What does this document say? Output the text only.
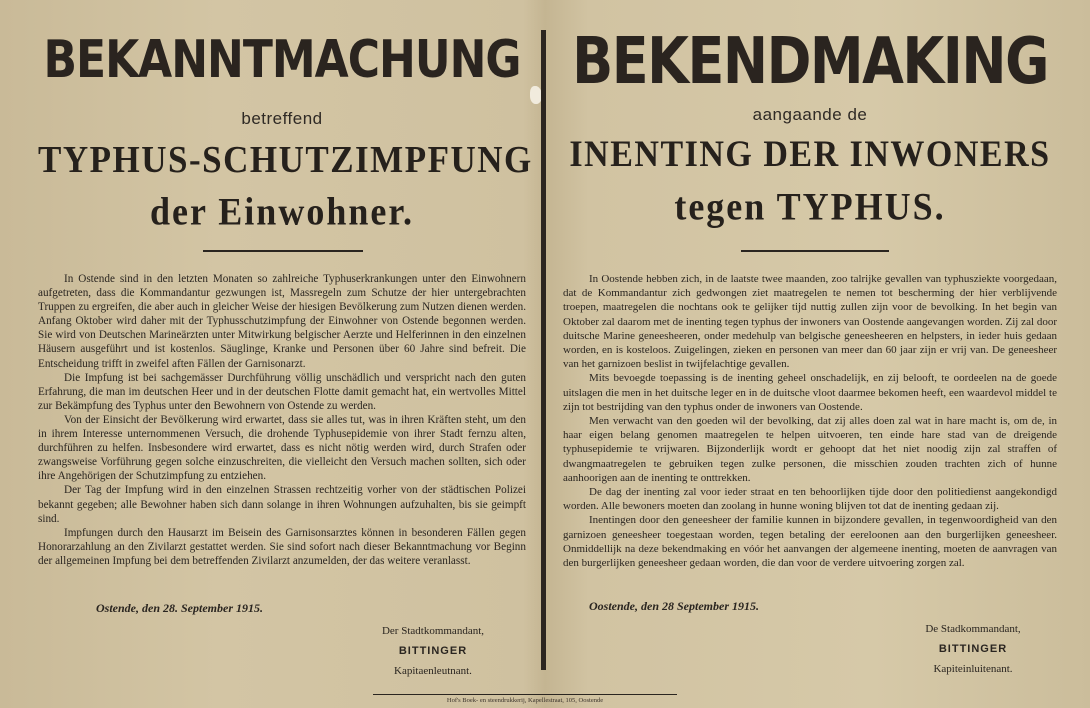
BEKANNTMACHUNG
betreffend
TYPHUS-SCHUTZIMPFUNG
der Einwohner.

In Ostende sind in den letzten Monaten so zahlreiche Typhuserkrankungen unter den Einwohnern aufgetreten, dass die Kommandantur gezwungen ist, Massregeln zum Schutze der hier untergebrachten Truppen zu ergreifen, die aber auch in gleicher Weise der hiesigen Bevölkerung zum Nutzen dienen werden. Anfang Oktober wird daher mit der Typhusschutzimpfung der Einwohner von Ostende begonnen werden. Sie wird von Deutschen Marineärzten unter Mitwirkung belgischer Aerzte und Helferinnen in den einzelnen Häusern ausgeführt und ist kostenlos. Säuglinge, Kranke und Personen über 60 Jahre sind befreit. Die Entscheidung trifft in zweifel aften Fällen der Garnisonarzt.

Die Impfung ist bei sachgemässer Durchführung völlig unschädlich und verspricht nach den guten Erfahrung, die man im deutschen Heer und in der deutschen Flotte damit gemacht hat, ein wertvolles Mittel zur Bekämpfung des Typhus unter den Bewohnern von Ostende zu werden.

Von der Einsicht der Bevölkerung wird erwartet, dass sie alles tut, was in ihren Kräften steht, um den in ihrem Interesse unternommenen Versuch, die drohende Typhusepidemie von ihrer Stadt fernzu alten, durchführen zu helfen. Insbesondere wird erwartet, dass es nicht nötig werden wird, durch Strafen oder zwangsweise Vorführung gegen solche einzuschreiten, die vielleicht den Versuch machen sollten, sich oder ihre Angehörigen der Schutzimpfung zu entziehen.

Der Tag der Impfung wird in den einzelnen Strassen rechtzeitig vorher von der städtischen Polizei bekannt gegeben; alle Bewohner haben sich dann solange in ihren Wohnungen aufzuhalten, bis sie geimpft sind.

Impfungen durch den Hausarzt im Beisein des Garnisonsarztes können in besonderen Fällen gegen Honorarzahlung an den Zivilarzt gestattet werden. Sie sind sofort nach dieser Bekanntmachung vor Beginn der allgemeinen Impfung bei dem betreffenden Zivilarzt anzumelden, der das weitere veranlasst.

Ostende, den 28. September 1915.
Der Stadtkommandant,
BITTINGER
Kapitaenleutnant.
BEKENDMAKING
aangaande de
INENTING DER INWONERS
tegen TYPHUS.

In Oostende hebben zich, in de laatste twee maanden, zoo talrijke gevallen van typhusziekte voorgedaan, dat de Kommandantur zich gedwongen ziet maatregelen te nemen tot bescherming der hier verblijvende troepen, maatregelen die nochtans ook te gelijker tijd nuttig zullen zijn voor de bevolking. In het begin van Oktober zal daarom met de inenting tegen typhus der inwoners van Oostende aangevangen worden. Zij zal door duitsche Marine geneesheeren, onder medehulp van belgische geneesheeren en helpsters, in ieder huis gedaan worden, en is kosteloos. Zuigelingen, zieken en personen van meer dan 60 jaar zijn er vrij van. De geneesheer van het garnizoen beslist in twijfelachtige gevallen.

Mits bevoegde toepassing is de inenting geheel onschadelijk, en zij belooft, te oordeelen na de goede uitslagen die men in het duitsche leger en in de duitsche vloot daarmee bekomen heeft, een waardevol middel te zijn tot bestrijding van den typhus onder de inwoners van Oostende.

Men verwacht van den goeden wil der bevolking, dat zij alles doen zal wat in hare macht is, om de, in haar eigen belang genomen maatregelen te helpen uitvoeren, ten einde hare stad van de dreigende typhusepidemie te vrijwaren. Bijzonderlijk wordt er gehoopt dat het niet noodig zijn zal straffen of dwangmaatregelen te gebruiken tegen zulke personen, die misschien zouden trachten zich of hunne aanhoorigen aan de inenting te onttrekken.

De dag der inenting zal voor ieder straat en ten behoorlijken tijde door den politiedienst aangekondigd worden. Alle bewoners moeten dan zoolang in hunne woning blijven tot dat de inenting gedaan zij.

Inentingen door den geneesheer der familie kunnen in bijzondere gevallen, in tegenwoordigheid van den garnizoen geneesheer toegestaan worden, tegen betaling der eereloonen aan den burgerlijken geneesheer. Onmiddellijk na deze bekendmaking en vóór het aanvangen der algemeene inenting, moeten de aanvragen van den burgerlijken geneesheer gedaan worden, die dan voor de verdere uitvoering zorgen zal.

Oostende, den 28 September 1915.
De Stadkommandant,
BITTINGER
Kapiteinluitenant.
Hof's Boek- en steendrukkerij, Kapellestraat, 105, Oostende
